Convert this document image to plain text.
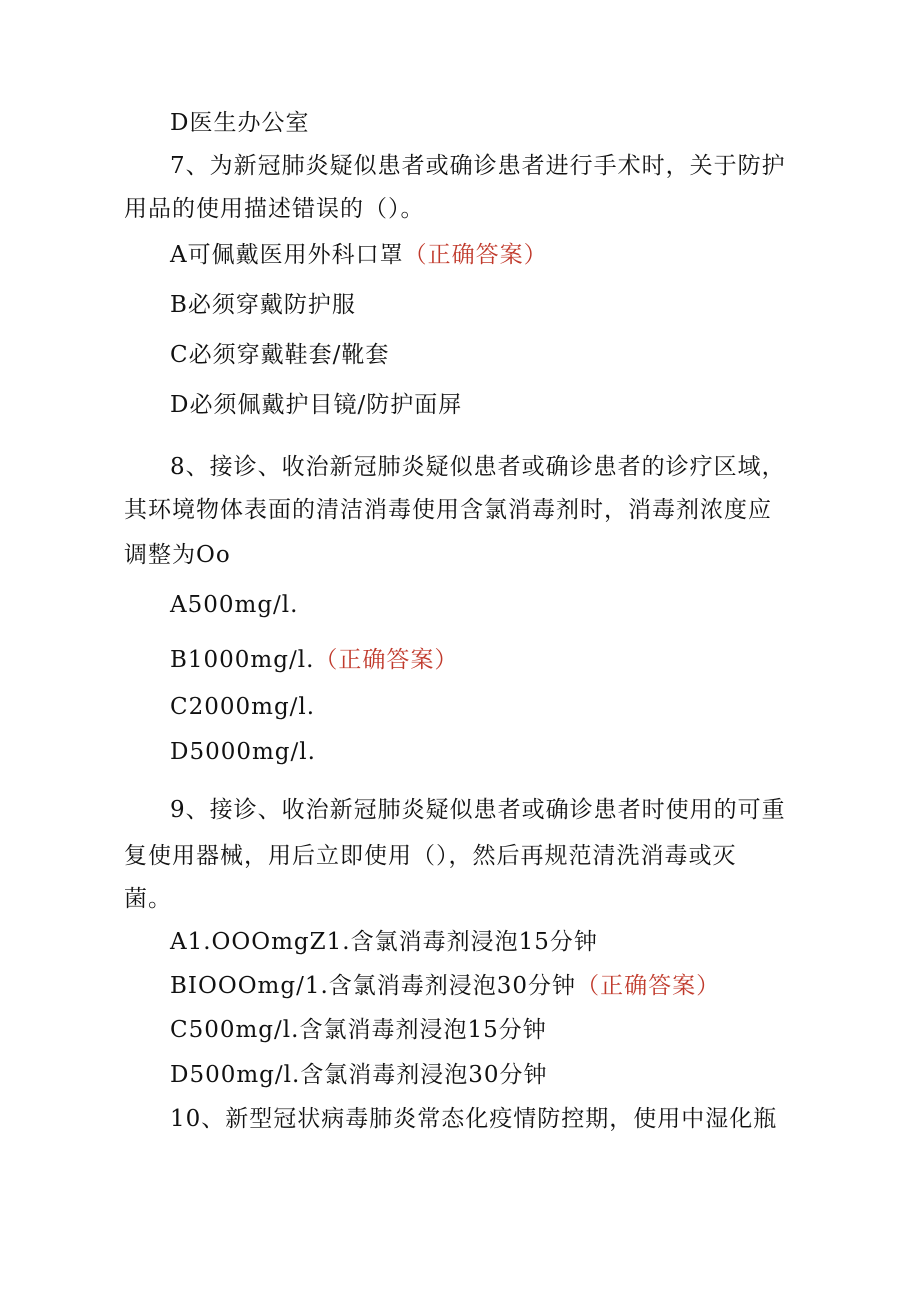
D医生办公室
7、为新冠肺炎疑似患者或确诊患者进行手术时，关于防护
用品的使用描述错误的（）。
A可佩戴医用外科口罩（正确答案）
B必须穿戴防护服
C必须穿戴鞋套/靴套
D必须佩戴护目镜/防护面屏
8、接诊、收治新冠肺炎疑似患者或确诊患者的诊疗区域，
其环境物体表面的清洁消毒使用含氯消毒剂时，消毒剂浓度应
调整为Oo
A500mg∕l.
B1000mg∕l.（正确答案）
C2000mg∕l.
D5000mg∕l.
9、接诊、收治新冠肺炎疑似患者或确诊患者时使用的可重
复使用器械，用后立即使用（），然后再规范清洗消毒或灭
菌。
A1.OOOmgZ1.含氯消毒剂浸泡15分钟
BIOOOmg/1.含氯消毒剂浸泡30分钟（正确答案）
C500mg∕l.含氯消毒剂浸泡15分钟
D500mg∕l.含氯消毒剂浸泡30分钟
10、新型冠状病毒肺炎常态化疫情防控期，使用中湿化瓶
